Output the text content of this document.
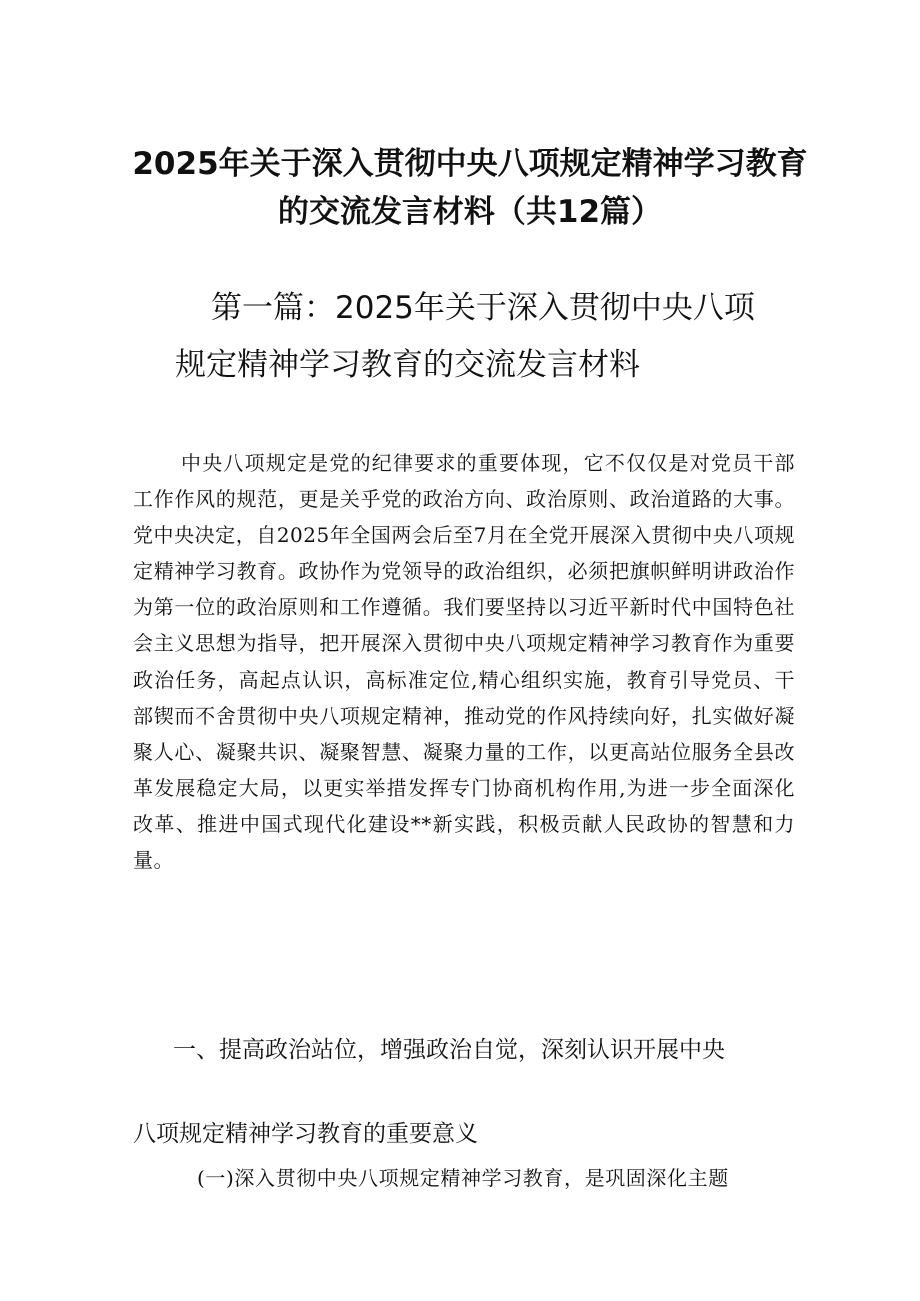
2025年关于深入贯彻中央八项规定精神学习教育的交流发言材料（共12篇）
第一篇：2025年关于深入贯彻中央八项规定精神学习教育的交流发言材料

中央八项规定是党的纪律要求的重要体现，它不仅仅是对党员干部工作作风的规范，更是关乎党的政治方向、政治原则、政治道路的大事。党中央决定，自2025年全国两会后至7月在全党开展深入贯彻中央八项规定精神学习教育。政协作为党领导的政治组织，必须把旗帜鲜明讲政治作为第一位的政治原则和工作遵循。我们要坚持以习近平新时代中国特色社会主义思想为指导，把开展深入贯彻中央八项规定精神学习教育作为重要政治任务，高起点认识，高标准定位,精心组织实施，教育引导党员、干部锲而不舍贯彻中央八项规定精神，推动党的作风持续向好，扎实做好凝聚人心、凝聚共识、凝聚智慧、凝聚力量的工作，以更高站位服务全县改革发展稳定大局，以更实举措发挥专门协商机构作用,为进一步全面深化改革、推进中国式现代化建设**新实践，积极贡献人民政协的智慧和力量。

一、提高政治站位，增强政治自觉，深刻认识开展中央

八项规定精神学习教育的重要意义

(一)深入贯彻中央八项规定精神学习教育，是巩固深化主题
